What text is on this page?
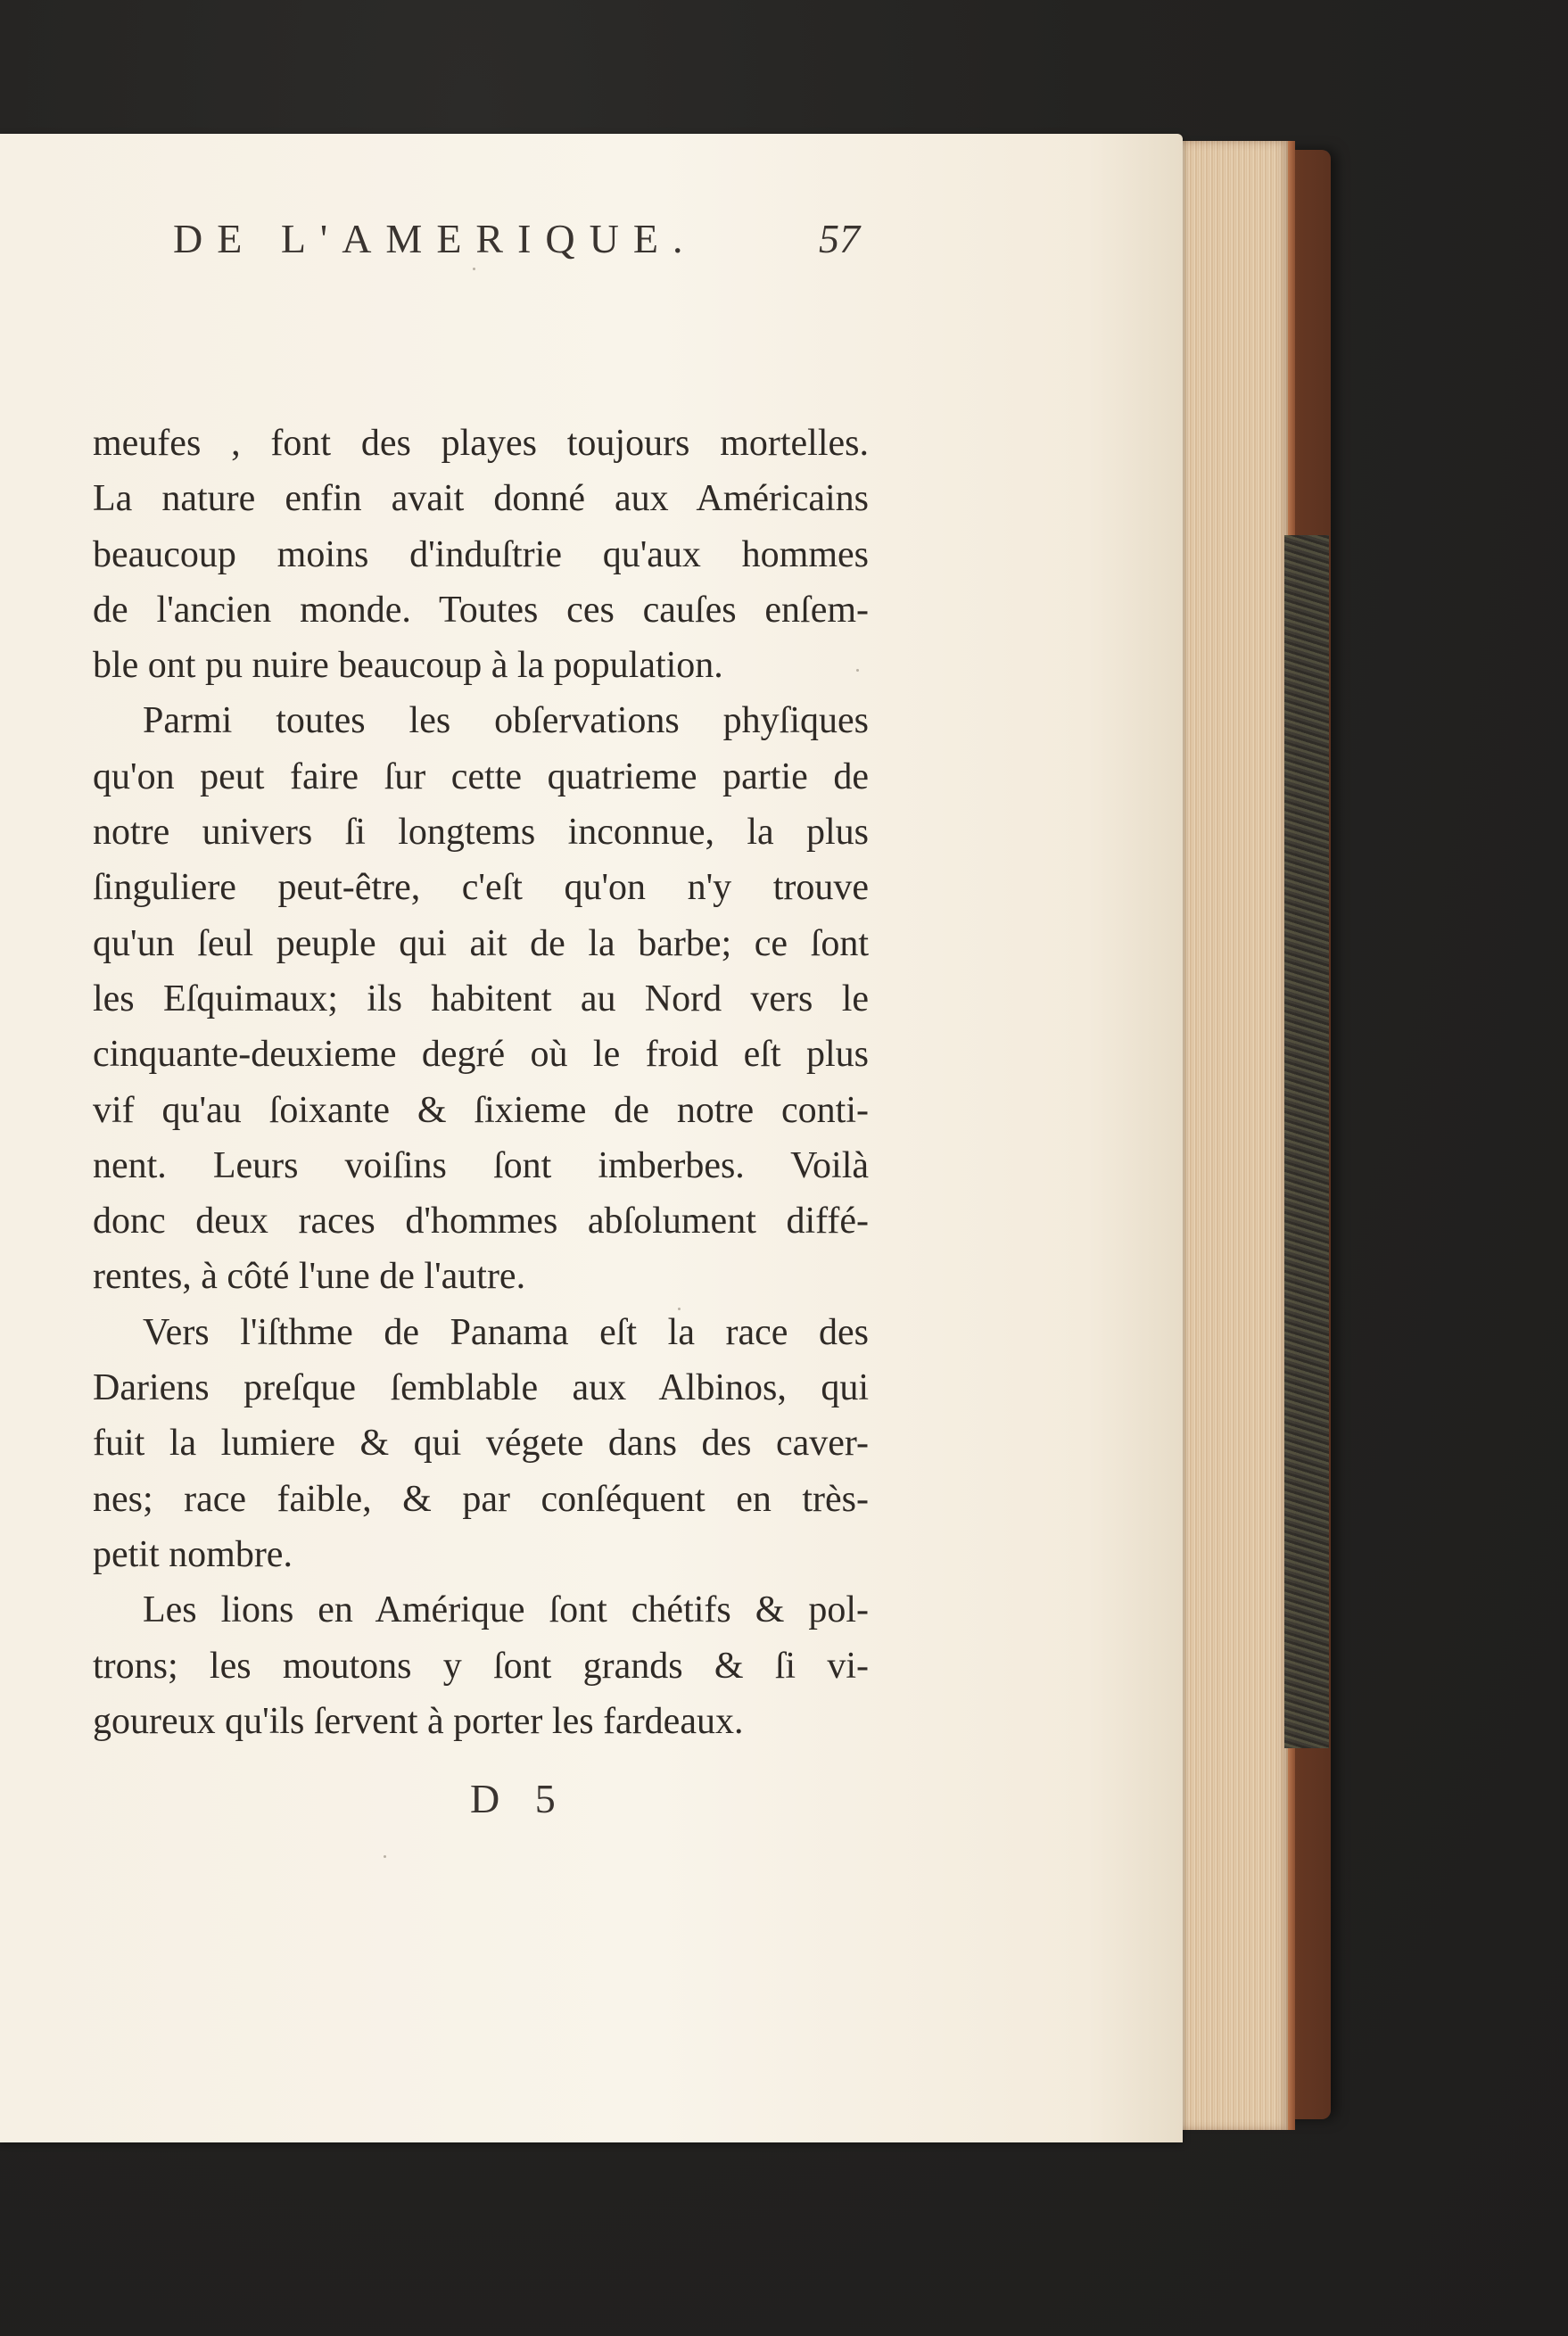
DE L'AMERIQUE.	57
meufes , font des playes toujours mortelles.
La nature enfin avait donné aux Américains
beaucoup moins d'induſtrie qu'aux hommes
de l'ancien monde. Toutes ces cauſes enſem-
ble ont pu nuire beaucoup à la population.
Parmi toutes les obſervations phyſiques
qu'on peut faire ſur cette quatrieme partie de
notre univers ſi longtems inconnue, la plus
ſinguliere peut-être, c'eſt qu'on n'y trouve
qu'un ſeul peuple qui ait de la barbe; ce ſont
les Eſquimaux; ils habitent au Nord vers le
cinquante-deuxieme degré où le froid eſt plus
vif qu'au ſoixante & ſixieme de notre conti-
nent. Leurs voiſins ſont imberbes. Voilà
donc deux races d'hommes abſolument diffé-
rentes, à côté l'une de l'autre.
Vers l'iſthme de Panama eſt la race des
Dariens preſque ſemblable aux Albinos, qui
fuit la lumiere & qui végete dans des caver-
nes; race faible, & par conſéquent en très-
petit nombre.
Les lions en Amérique ſont chétifs & pol-
trons; les moutons y ſont grands & ſi vi-
goureux qu'ils ſervent à porter les fardeaux.
D 5
